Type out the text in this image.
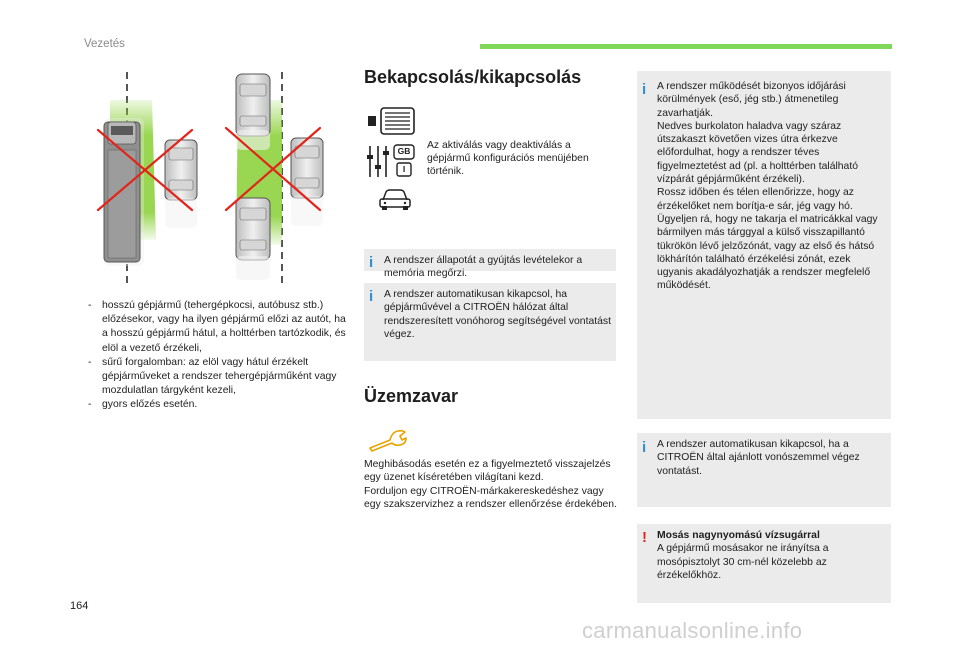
Vezetés
- hosszú gépjármű (tehergépkocsi, autóbusz stb.) előzésekor, vagy ha ilyen gépjármű előzi az autót, ha a hosszú gépjármű hátul, a holttérben tartózkodik, és elöl a vezető érzékeli,
- sűrű forgalomban: az elöl vagy hátul érzékelt gépjárműveket a rendszer tehergépjárműként vagy mozdulatlan tárgyként kezeli,
- gyors előzés esetén.
Bekapcsolás/kikapcsolás
GB
I
Az aktiválás vagy deaktiválás a gépjármű konfigurációs menüjében történik.
i A rendszer állapotát a gyújtás levételekor a memória megőrzi.
i A rendszer automatikusan kikapcsol, ha gépjárművével a CITROËN hálózat által rendszeresített vonóhorog segítségével vontatást végez.
Üzemzavar
Meghibásodás esetén ez a figyelmeztető visszajelzés egy üzenet kíséretében világítani kezd.
Forduljon egy CITROËN-márkakereskedéshez vagy egy szakszervizhez a rendszer ellenőrzése érdekében.
i A rendszer működését bizonyos időjárási körülmények (eső, jég stb.) átmenetileg zavarhatják.
Nedves burkolaton haladva vagy száraz útszakaszt követően vizes útra érkezve előfordulhat, hogy a rendszer téves figyelmeztetést ad (pl. a holttérben található vízpárát gépjárműként érzékeli).
Rossz időben és télen ellenőrizze, hogy az érzékelőket nem borítja-e sár, jég vagy hó.
Ügyeljen rá, hogy ne takarja el matricákkal vagy bármilyen más tárggyal a külső visszapillantó tükrökön lévő jelzőzónát, vagy az első és hátsó lökhárítón található érzékelési zónát, ezek ugyanis akadályozhatják a rendszer megfelelő működését.
i A rendszer automatikusan kikapcsol, ha a CITROËN által ajánlott vonószemmel végez vontatást.
! Mosás nagynyomású vízsugárral
A gépjármű mosásakor ne irányítsa a mosópisztolyt 30 cm-nél közelebb az érzékelőkhöz.
164
carmanualsonline.info
